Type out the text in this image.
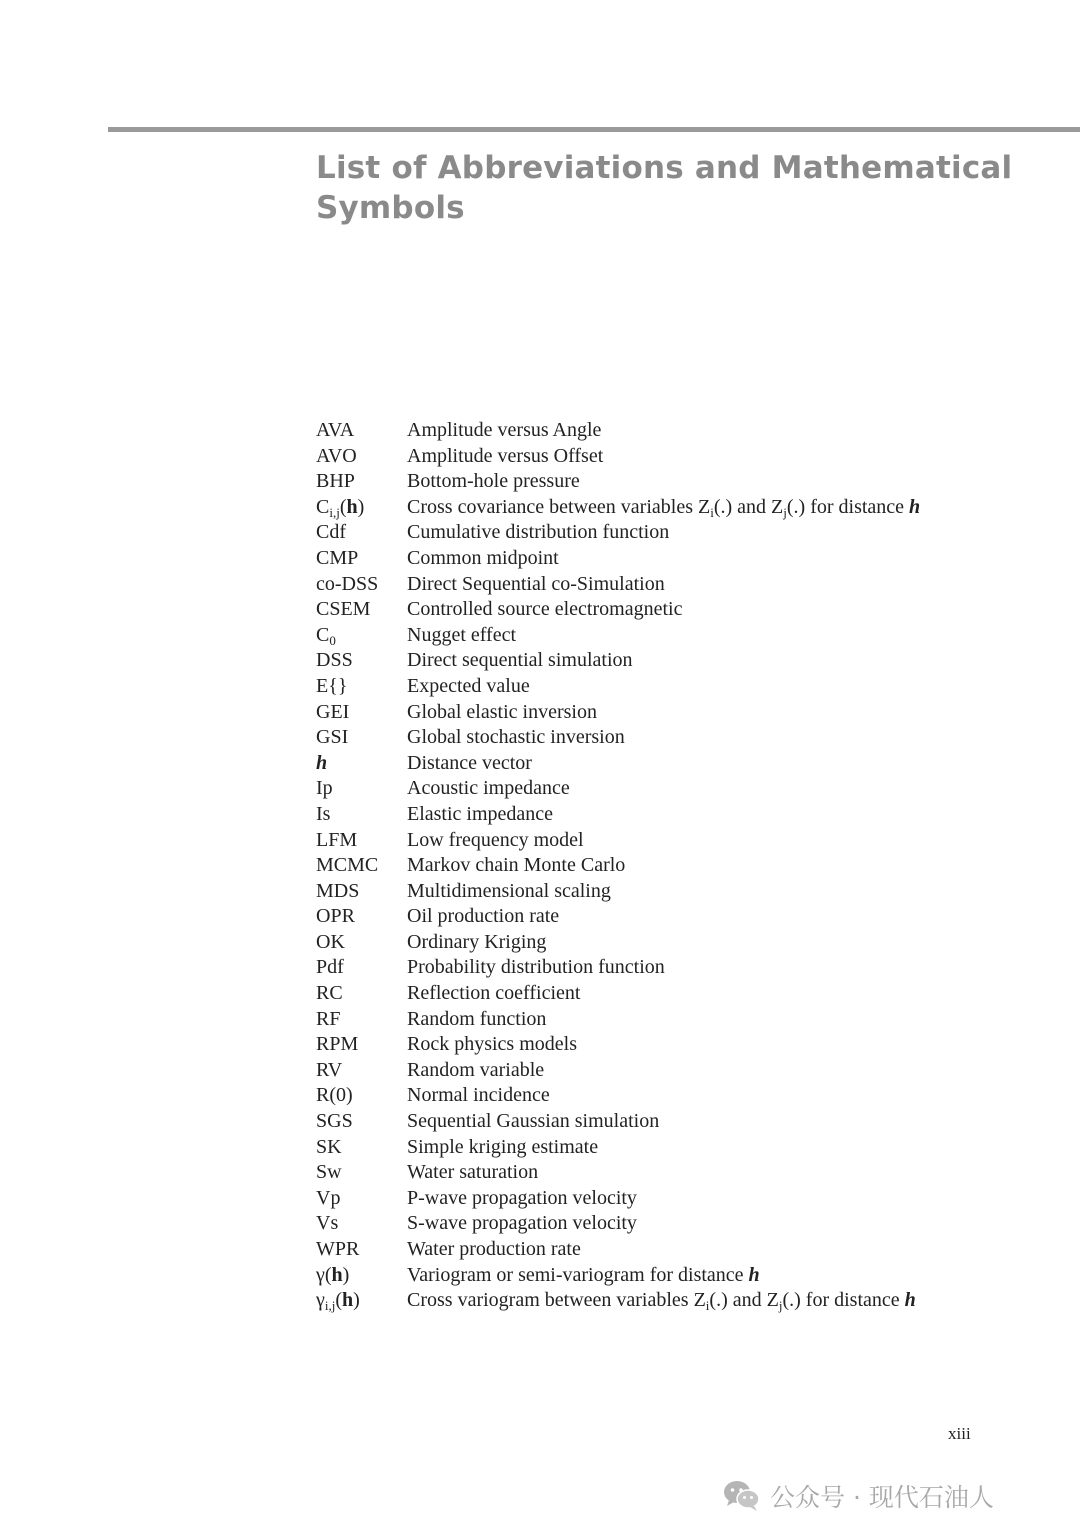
List of Abbreviations and Mathematical
Symbols
AVA	Amplitude versus Angle
AVO	Amplitude versus Offset
BHP	Bottom-hole pressure
$C_{i,j}(h)$	Cross covariance between variables $Z_i(.)$ and $Z_j(.)$ for distance h
Cdf	Cumulative distribution function
CMP	Common midpoint
co-DSS	Direct Sequential co-Simulation
CSEM	Controlled source electromagnetic
$C_0$	Nugget effect
DSS	Direct sequential simulation
E{}	Expected value
GEI	Global elastic inversion
GSI	Global stochastic inversion
h	Distance vector
Ip	Acoustic impedance
Is	Elastic impedance
LFM	Low frequency model
MCMC	Markov chain Monte Carlo
MDS	Multidimensional scaling
OPR	Oil production rate
OK	Ordinary Kriging
Pdf	Probability distribution function
RC	Reflection coefficient
RF	Random function
RPM	Rock physics models
RV	Random variable
R(0)	Normal incidence
SGS	Sequential Gaussian simulation
SK	Simple kriging estimate
Sw	Water saturation
Vp	P-wave propagation velocity
Vs	S-wave propagation velocity
WPR	Water production rate
γ(h)	Variogram or semi-variogram for distance h
$\gamma_{i,j}(h)$	Cross variogram between variables $Z_i(.)$ and $Z_j(.)$ for distance h
xiii
公众号 · 现代石油人
